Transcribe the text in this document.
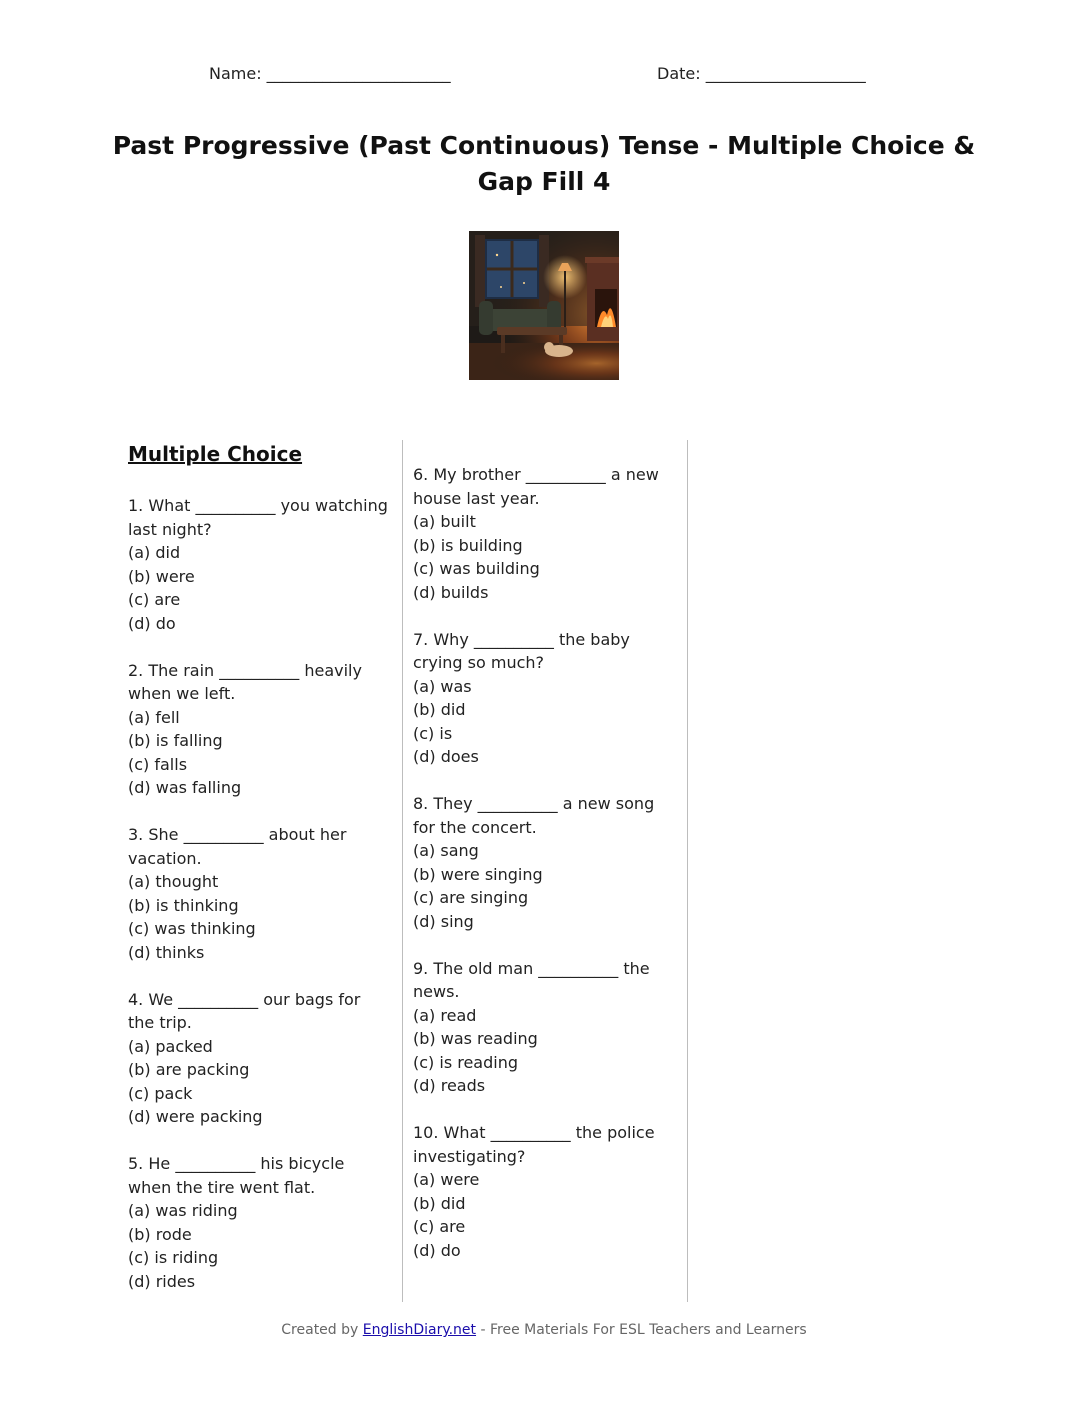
Name: _______________________	Date: ____________________
Past Progressive (Past Continuous) Tense - Multiple Choice & Gap Fill 4
Multiple Choice
1. What __________ you watching last night?
(a) did
(b) were
(c) are
(d) do
2. The rain __________ heavily when we left.
(a) fell
(b) is falling
(c) falls
(d) was falling
3. She __________ about her vacation.
(a) thought
(b) is thinking
(c) was thinking
(d) thinks
4. We __________ our bags for the trip.
(a) packed
(b) are packing
(c) pack
(d) were packing
5. He __________ his bicycle when the tire went flat.
(a) was riding
(b) rode
(c) is riding
(d) rides
6. My brother __________ a new house last year.
(a) built
(b) is building
(c) was building
(d) builds
7. Why __________ the baby crying so much?
(a) was
(b) did
(c) is
(d) does
8. They __________ a new song for the concert.
(a) sang
(b) were singing
(c) are singing
(d) sing
9. The old man __________ the news.
(a) read
(b) was reading
(c) is reading
(d) reads
10. What __________ the police investigating?
(a) were
(b) did
(c) are
(d) do
Created by EnglishDiary.net - Free Materials For ESL Teachers and Learners
